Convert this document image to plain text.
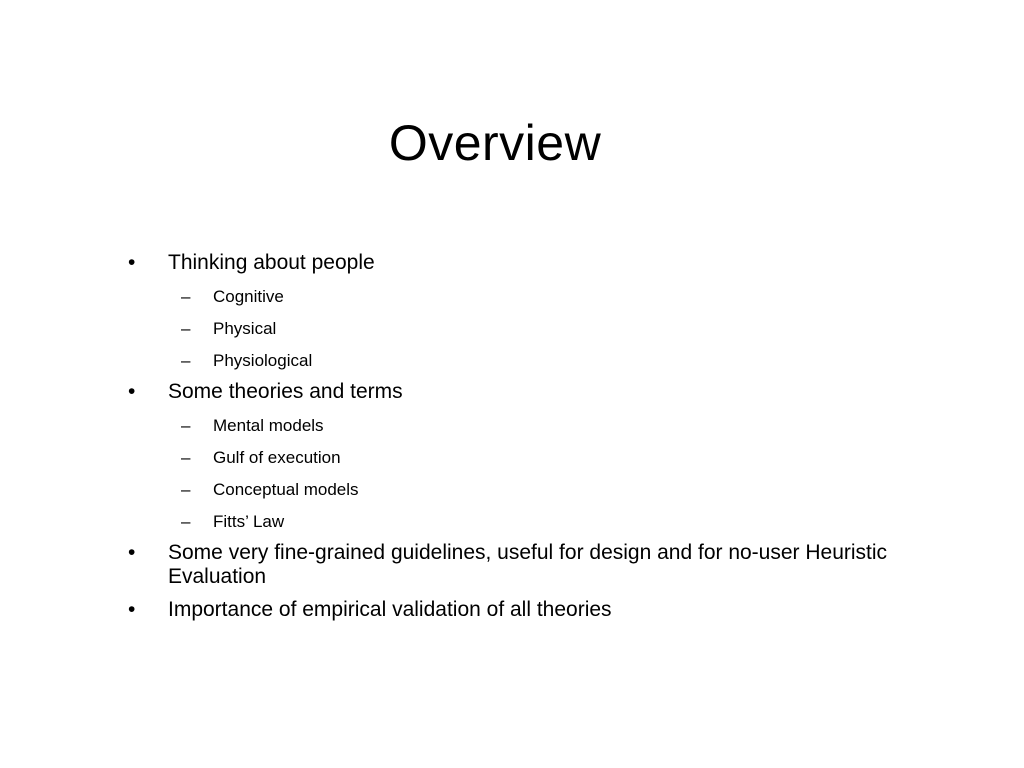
Overview
•	Thinking about people
–	Cognitive
–	Physical
–	Physiological
•	Some theories and terms
–	Mental models
–	Gulf of execution
–	Conceptual models
–	Fitts’ Law
•	Some very fine-grained guidelines, useful for design and for no-user Heuristic Evaluation
•	Importance of empirical validation of all theories
